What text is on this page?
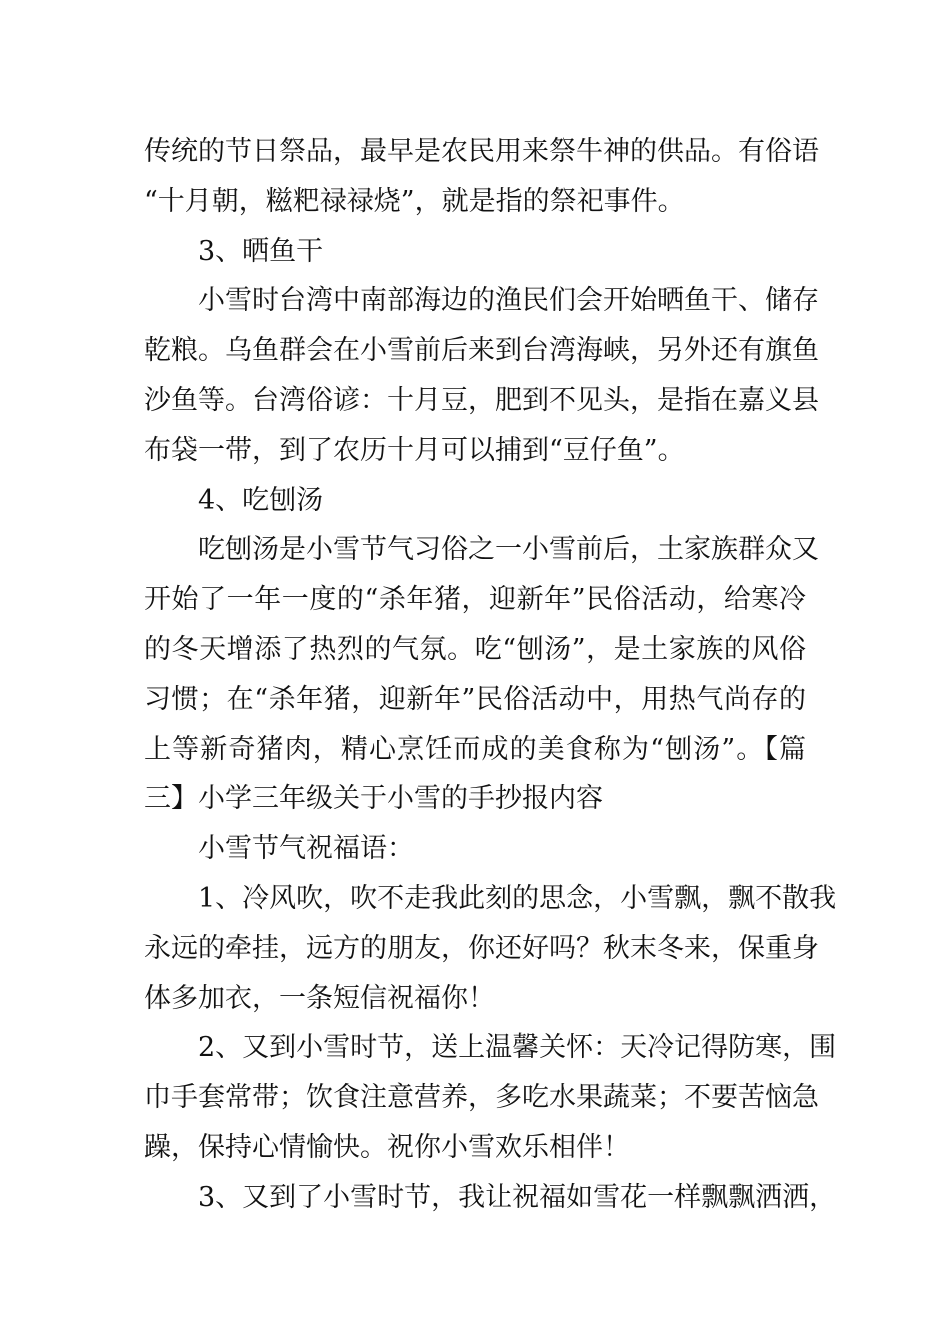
传统的节日祭品，最早是农民用来祭牛神的供品。有俗语
“十月朝，糍粑禄禄烧”，就是指的祭祀事件。
3、晒鱼干
小雪时台湾中南部海边的渔民们会开始晒鱼干、储存
乾粮。乌鱼群会在小雪前后来到台湾海峡，另外还有旗鱼
沙鱼等。台湾俗谚：十月豆，肥到不见头，是指在嘉义县
布袋一带，到了农历十月可以捕到“豆仔鱼”。
4、吃刨汤
吃刨汤是小雪节气习俗之一小雪前后，土家族群众又
开始了一年一度的“杀年猪，迎新年”民俗活动，给寒冷
的冬天增添了热烈的气氛。吃“刨汤”，是土家族的风俗
习惯；在“杀年猪，迎新年”民俗活动中，用热气尚存的
上等新奇猪肉，精心烹饪而成的美食称为“刨汤”。【篇
三】小学三年级关于小雪的手抄报内容
小雪节气祝福语：
1、冷风吹，吹不走我此刻的思念，小雪飘，飘不散我
永远的牵挂，远方的朋友，你还好吗？秋末冬来，保重身
体多加衣，一条短信祝福你！
2、又到小雪时节，送上温馨关怀：天冷记得防寒，围
巾手套常带；饮食注意营养，多吃水果蔬菜；不要苦恼急
躁，保持心情愉快。祝你小雪欢乐相伴！
3、又到了小雪时节，我让祝福如雪花一样飘飘洒洒，
